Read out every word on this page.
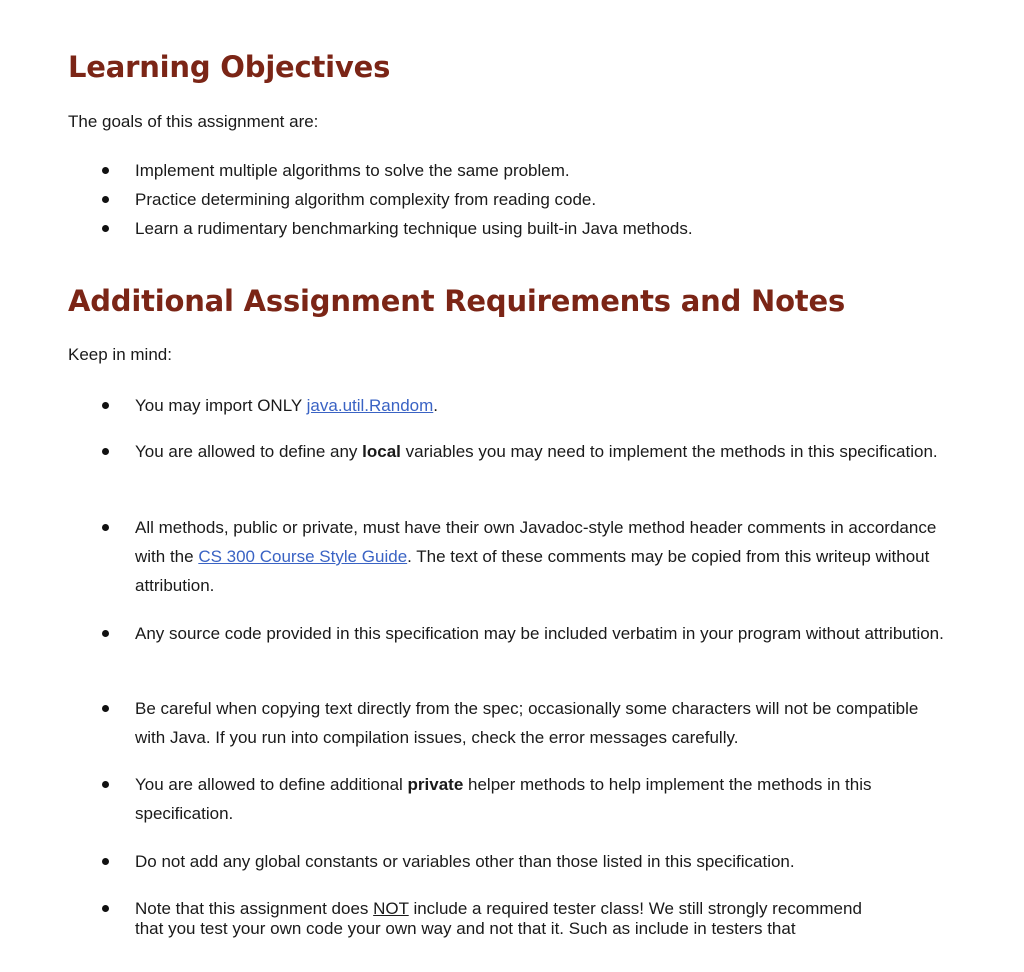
Learning Objectives

The goals of this assignment are:

Implement multiple algorithms to solve the same problem.
Practice determining algorithm complexity from reading code.
Learn a rudimentary benchmarking technique using built-in Java methods.
Additional Assignment Requirements and Notes

Keep in mind:

You may import ONLY java.util.Random.
You are allowed to define any local variables you may need to implement the methods in this specification.
All methods, public or private, must have their own Javadoc-style method header comments in accordance with the CS 300 Course Style Guide. The text of these comments may be copied from this writeup without attribution.
Any source code provided in this specification may be included verbatim in your program without attribution.
Be careful when copying text directly from the spec; occasionally some characters will not be compatible with Java. If you run into compilation issues, check the error messages carefully.
You are allowed to define additional private helper methods to help implement the methods in this specification.
Do not add any global constants or variables other than those listed in this specification.
Note that this assignment does NOT include a required tester class! We still strongly recommend
that you test your own code your own way and not that it. Such as include in testers that
